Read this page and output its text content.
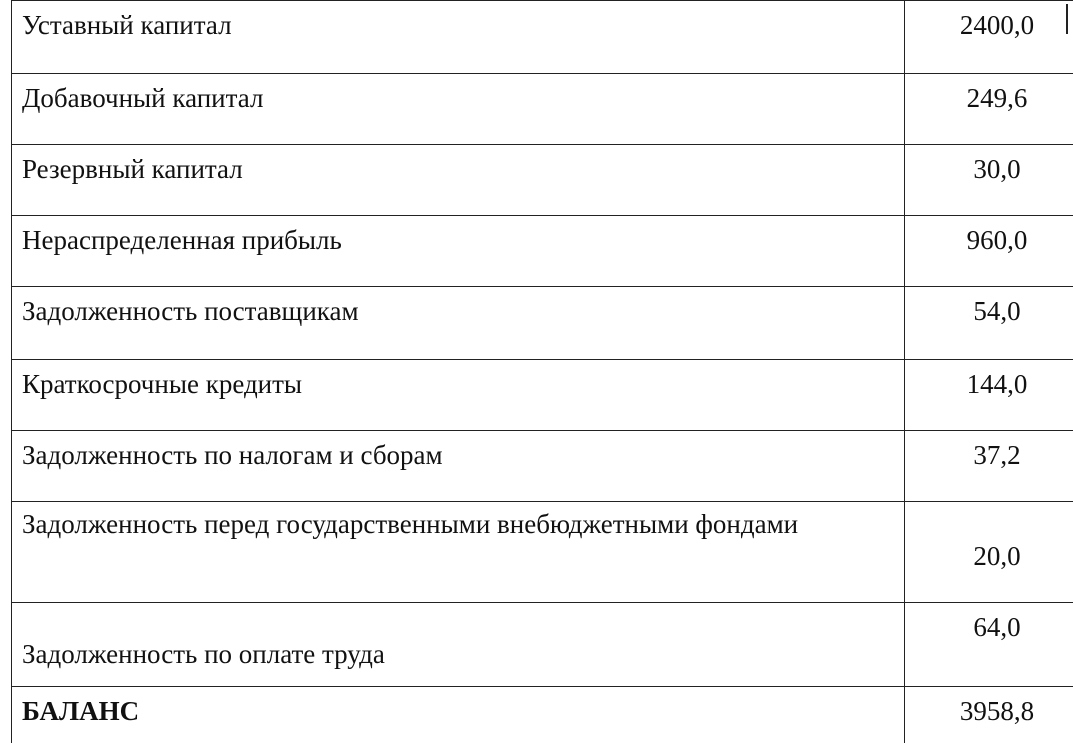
Уставный капитал	2400,0
Добавочный капитал	249,6
Резервный капитал	30,0
Нераспределенная прибыль	960,0
Задолженность поставщикам	54,0
Краткосрочные кредиты	144,0
Задолженность по налогам и сборам	37,2
Задолженность перед государственными внебюджетными фондами	20,0
Задолженность по оплате труда	64,0
БАЛАНС	3958,8
